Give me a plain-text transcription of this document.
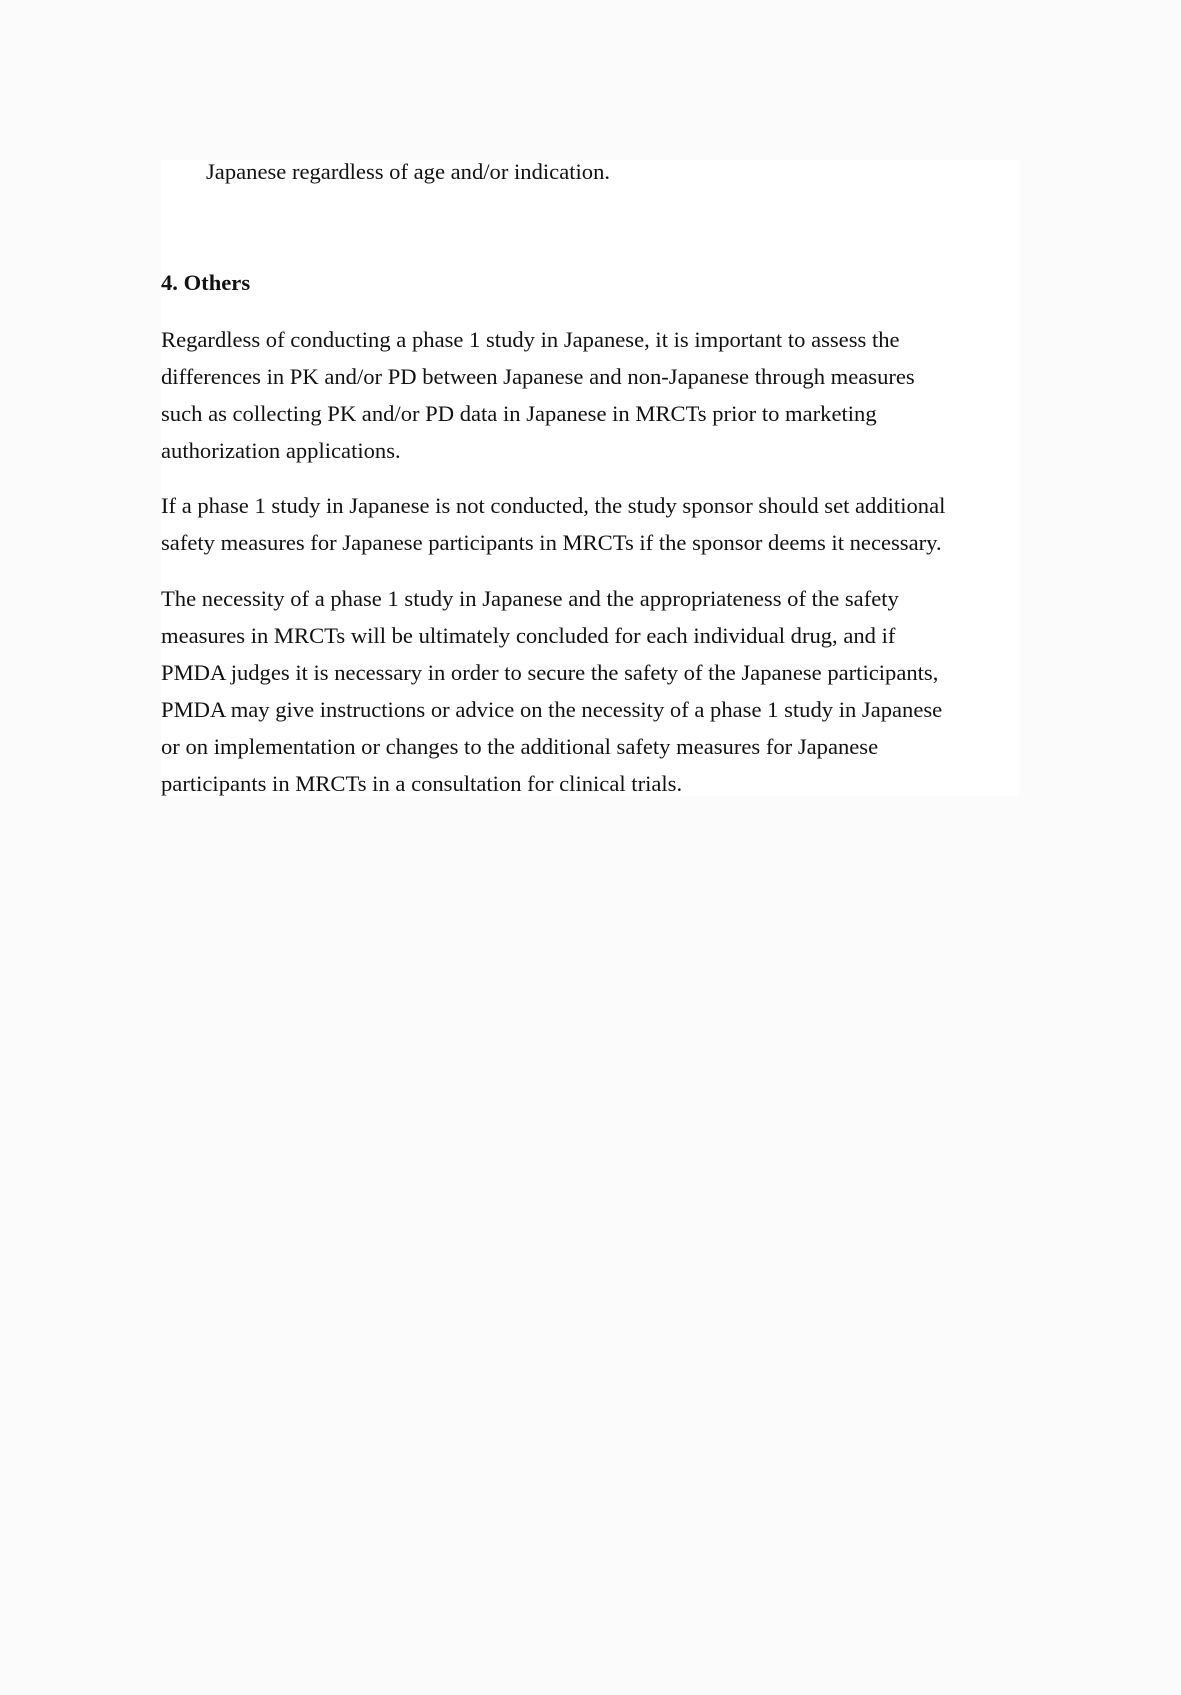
Japanese regardless of age and/or indication.
4. Others
Regardless of conducting a phase 1 study in Japanese, it is important to assess the
differences in PK and/or PD between Japanese and non-Japanese through measures
such as collecting PK and/or PD data in Japanese in MRCTs prior to marketing
authorization applications.
If a phase 1 study in Japanese is not conducted, the study sponsor should set additional
safety measures for Japanese participants in MRCTs if the sponsor deems it necessary.
The necessity of a phase 1 study in Japanese and the appropriateness of the safety
measures in MRCTs will be ultimately concluded for each individual drug, and if
PMDA judges it is necessary in order to secure the safety of the Japanese participants,
PMDA may give instructions or advice on the necessity of a phase 1 study in Japanese
or on implementation or changes to the additional safety measures for Japanese
participants in MRCTs in a consultation for clinical trials.
